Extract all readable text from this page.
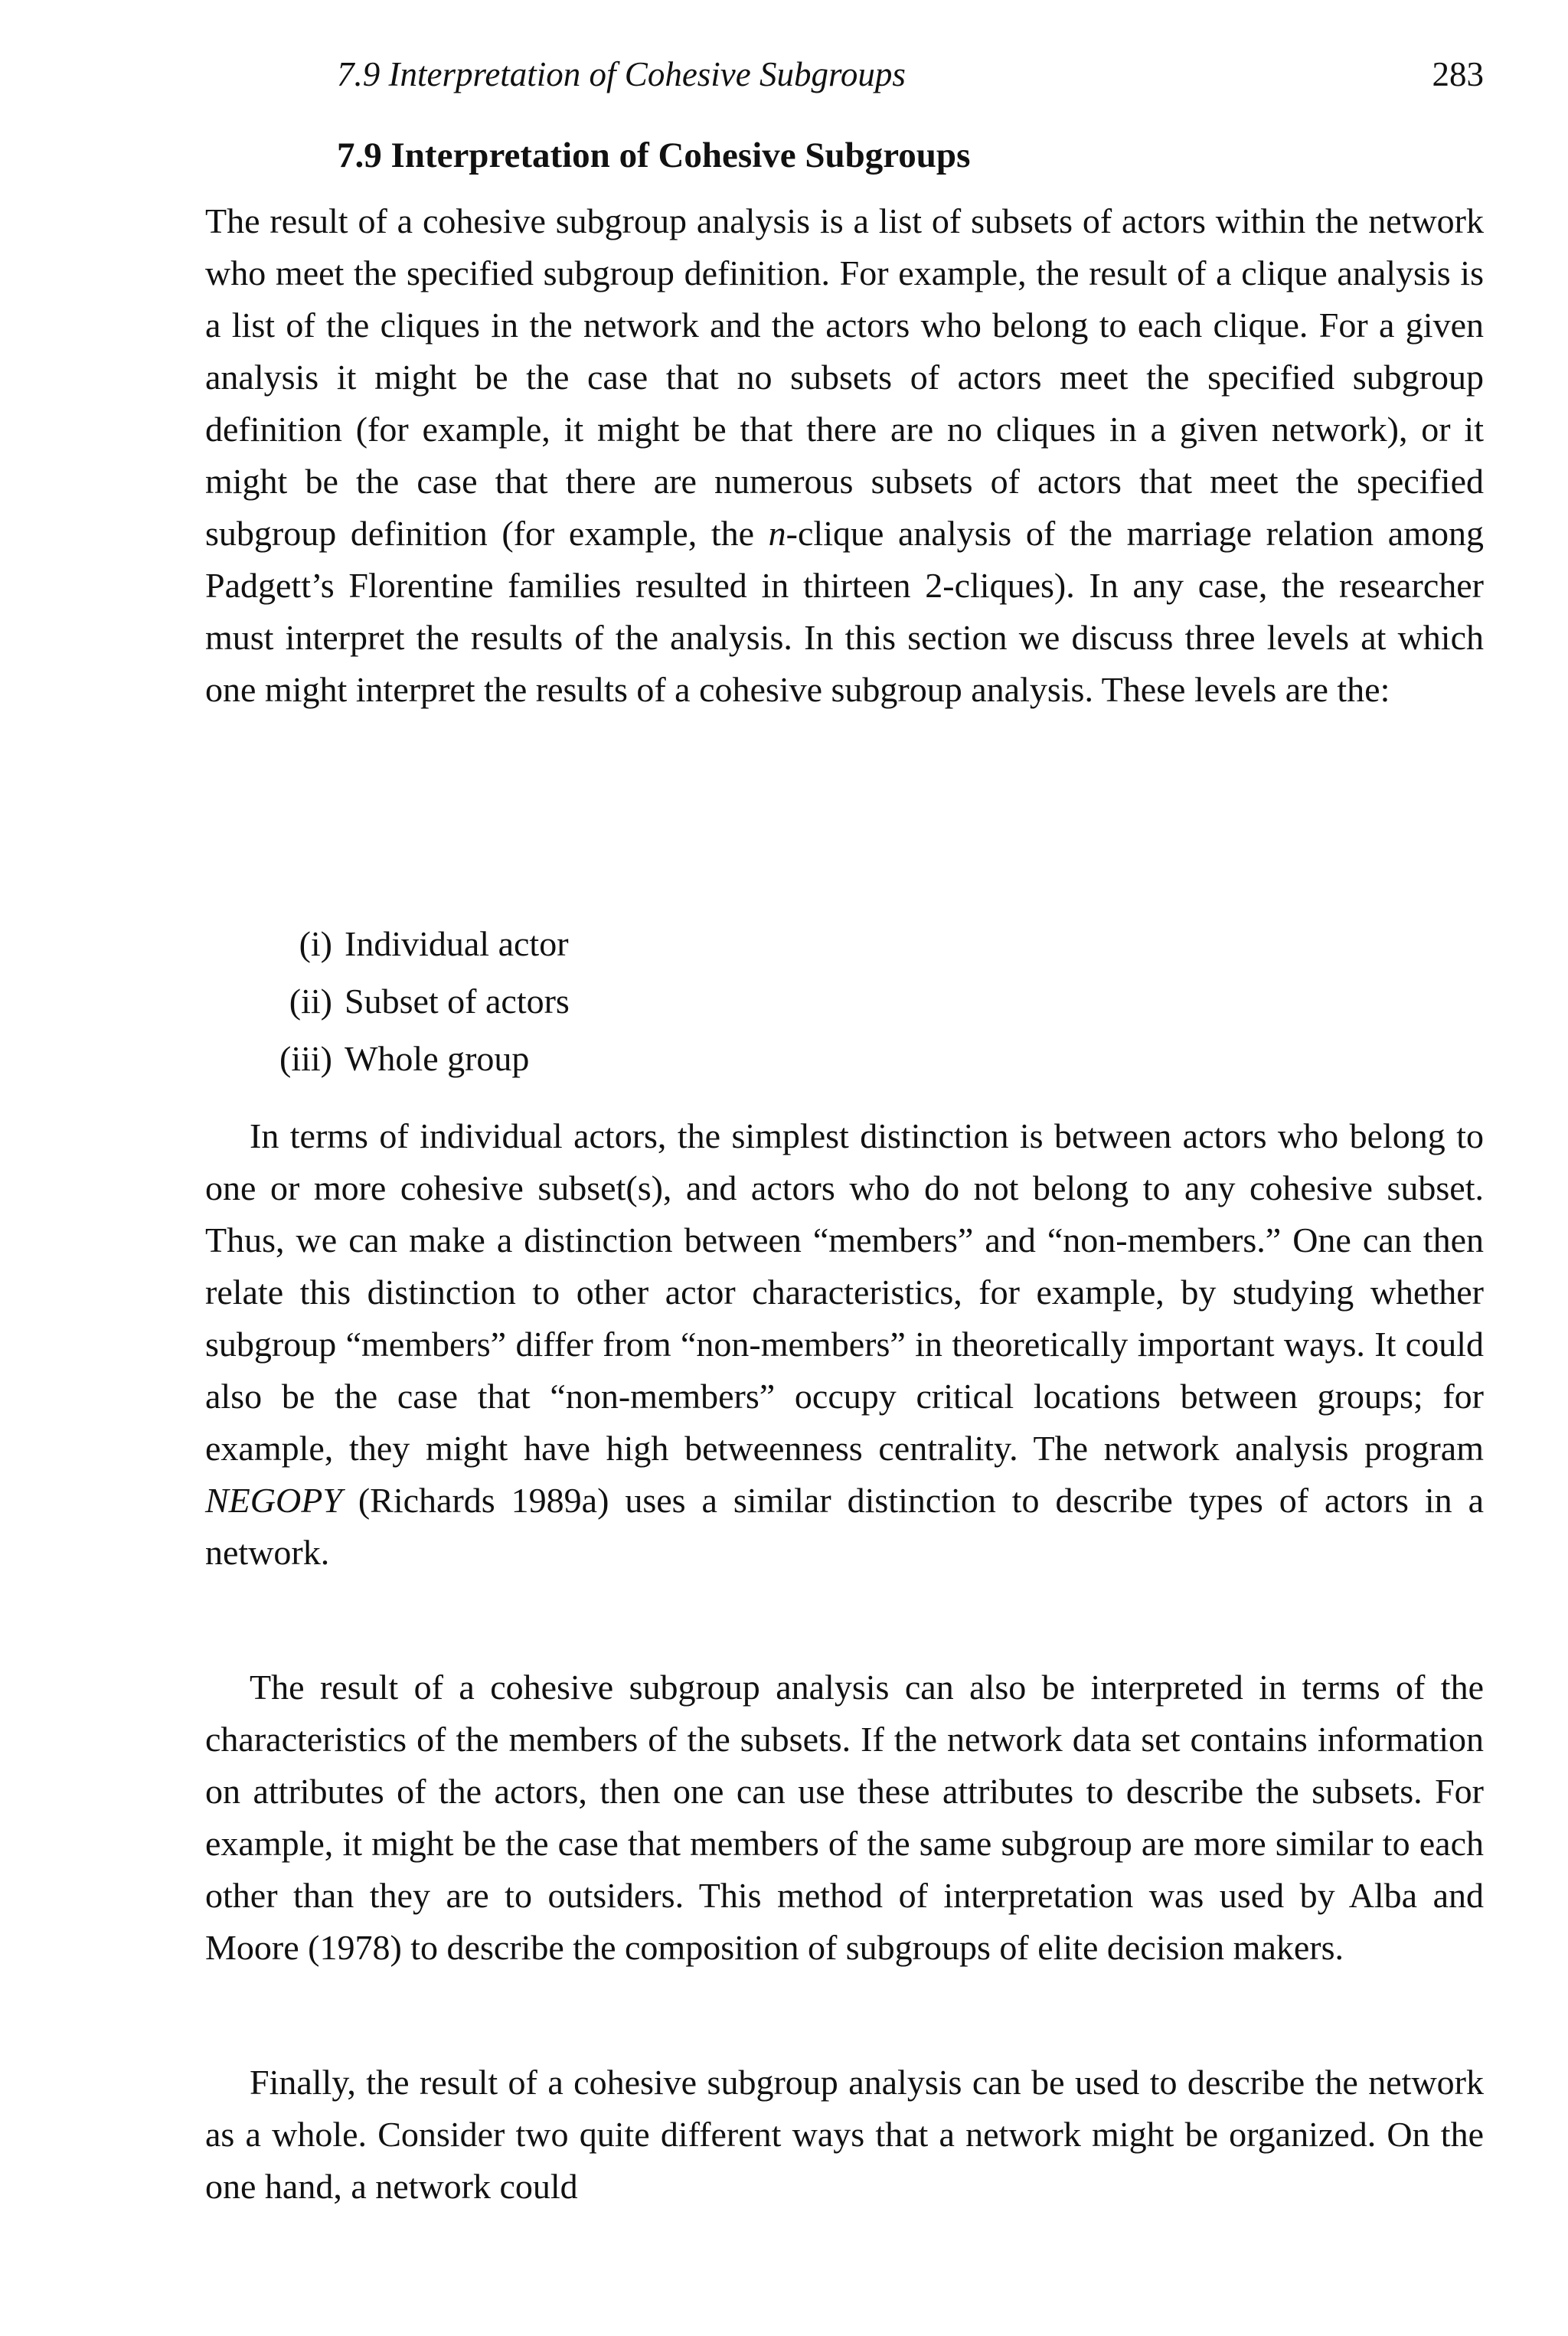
7.9 Interpretation of Cohesive Subgroups	283
7.9 Interpretation of Cohesive Subgroups

The result of a cohesive subgroup analysis is a list of subsets of actors within the network who meet the specified subgroup definition. For example, the result of a clique analysis is a list of the cliques in the network and the actors who belong to each clique. For a given analysis it might be the case that no subsets of actors meet the specified subgroup definition (for example, it might be that there are no cliques in a given network), or it might be the case that there are numerous subsets of actors that meet the specified subgroup definition (for example, the n-clique analysis of the marriage relation among Padgett’s Florentine families resulted in thirteen 2-cliques). In any case, the researcher must interpret the results of the analysis. In this section we discuss three levels at which one might interpret the results of a cohesive subgroup analysis. These levels are the:

(i) Individual actor
(ii) Subset of actors
(iii) Whole group

In terms of individual actors, the simplest distinction is between actors who belong to one or more cohesive subset(s), and actors who do not belong to any cohesive subset. Thus, we can make a distinction between “members” and “non-members.” One can then relate this distinction to other actor characteristics, for example, by studying whether subgroup “members” differ from “non-members” in theoretically important ways. It could also be the case that “non-members” occupy critical locations between groups; for example, they might have high betweenness centrality. The network analysis program NEGOPY (Richards 1989a) uses a similar distinction to describe types of actors in a network.

The result of a cohesive subgroup analysis can also be interpreted in terms of the characteristics of the members of the subsets. If the network data set contains information on attributes of the actors, then one can use these attributes to describe the subsets. For example, it might be the case that members of the same subgroup are more similar to each other than they are to outsiders. This method of interpretation was used by Alba and Moore (1978) to describe the composition of subgroups of elite decision makers.

Finally, the result of a cohesive subgroup analysis can be used to describe the network as a whole. Consider two quite different ways that a network might be organized. On the one hand, a network could
